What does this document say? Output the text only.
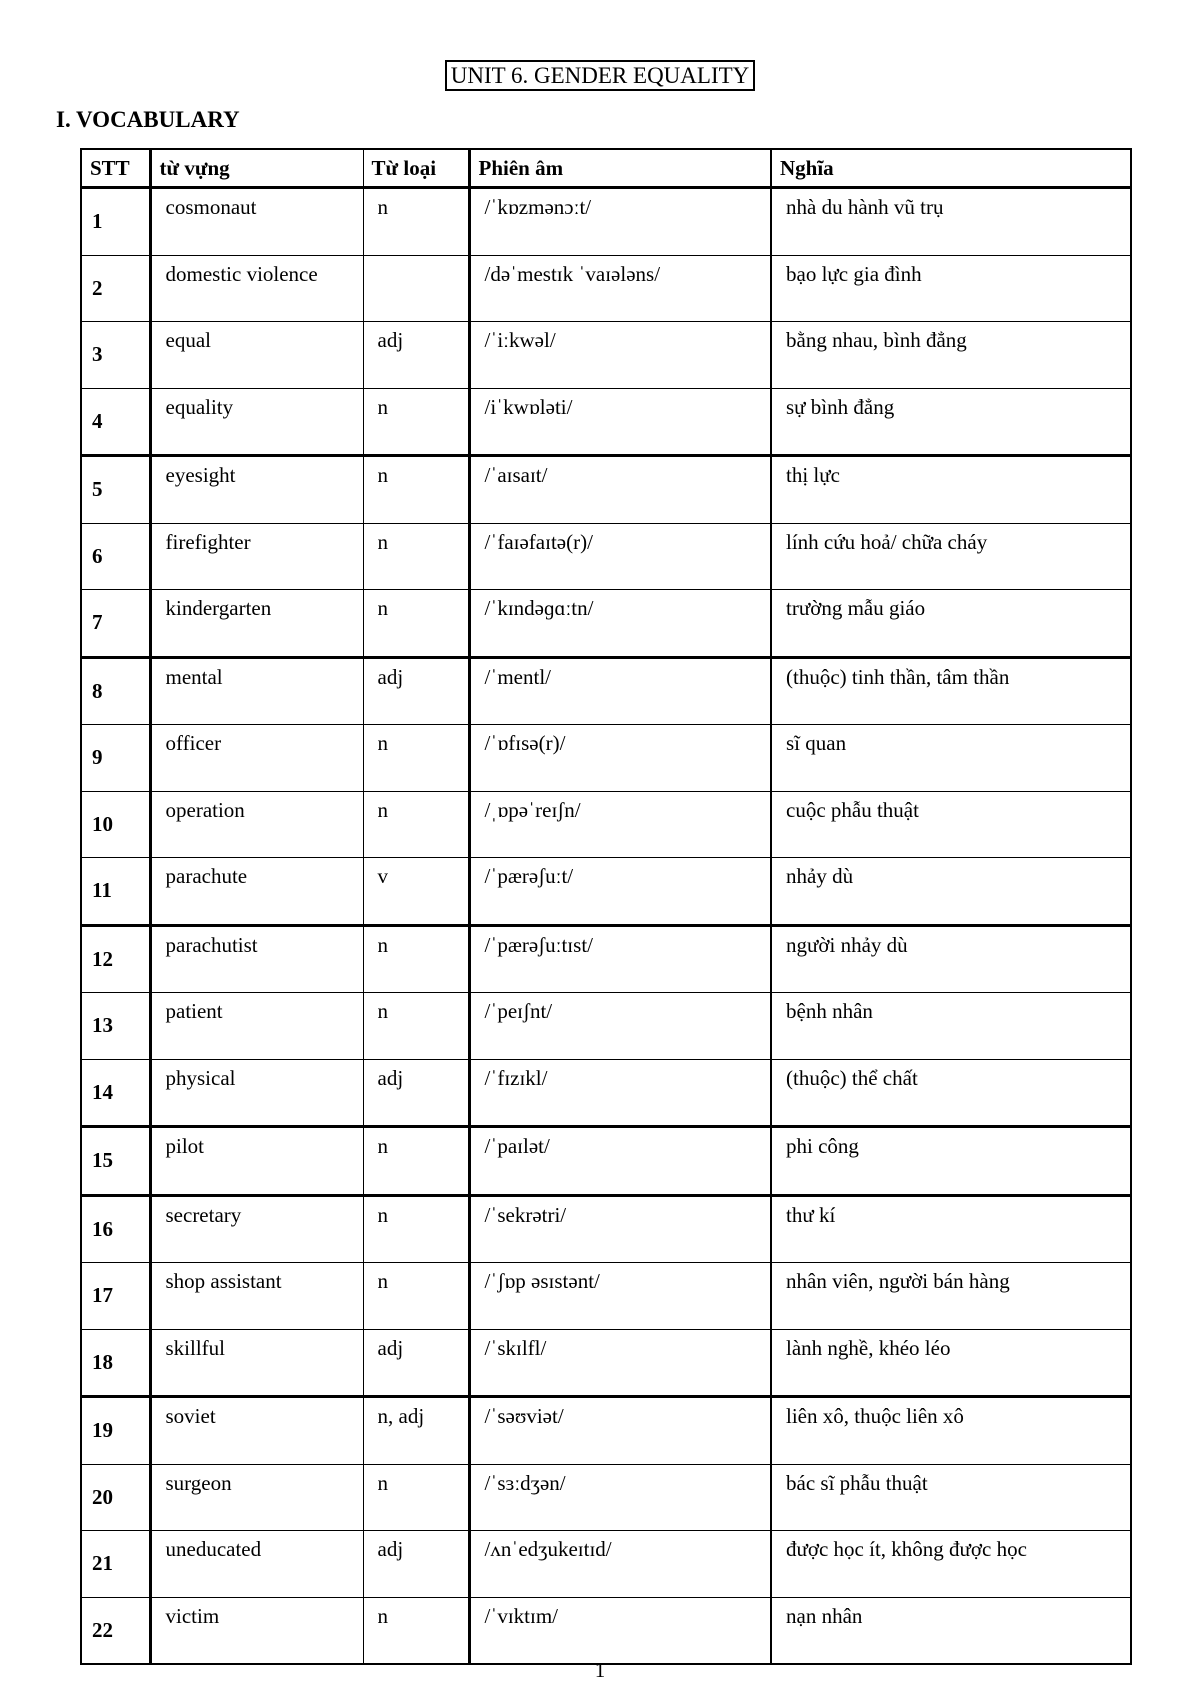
UNIT 6. GENDER EQUALITY
I. VOCABULARY
STT	từ vựng	Từ loại	Phiên âm	Nghĩa
1	cosmonaut	n	/ˈkɒzmənɔːt/	nhà du hành vũ trụ
2	domestic violence		/dəˈmestɪk ˈvaɪələns/	bạo lực gia đình
3	equal	adj	/ˈiːkwəl/	bằng nhau, bình đẳng
4	equality	n	/iˈkwɒləti/	sự bình đẳng
5	eyesight	n	/ˈaɪsaɪt/	thị lực
6	firefighter	n	/ˈfaɪəfaɪtə(r)/	lính cứu hoả/ chữa cháy
7	kindergarten	n	/ˈkɪndəɡɑːtn/	trường mẫu giáo
8	mental	adj	/ˈmentl/	(thuộc) tinh thần, tâm thần
9	officer	n	/ˈɒfɪsə(r)/	sĩ quan
10	operation	n	/ˌɒpəˈreɪʃn/	cuộc phẫu thuật
11	parachute	v	/ˈpærəʃuːt/	nhảy dù
12	parachutist	n	/ˈpærəʃuːtɪst/	người nhảy dù
13	patient	n	/ˈpeɪʃnt/	bệnh nhân
14	physical	adj	/ˈfɪzɪkl/	(thuộc) thể chất
15	pilot	n	/ˈpaɪlət/	phi công
16	secretary	n	/ˈsekrətri/	thư kí
17	shop assistant	n	/ˈʃɒp əsɪstənt/	nhân viên, người bán hàng
18	skillful	adj	/ˈskɪlfl/	lành nghề, khéo léo
19	soviet	n, adj	/ˈsəʊviət/	liên xô, thuộc liên xô
20	surgeon	n	/ˈsɜːdʒən/	bác sĩ phẫu thuật
21	uneducated	adj	/ʌnˈedʒukeɪtɪd/	được học ít, không được học
22	victim	n	/ˈvɪktɪm/	nạn nhân
1
